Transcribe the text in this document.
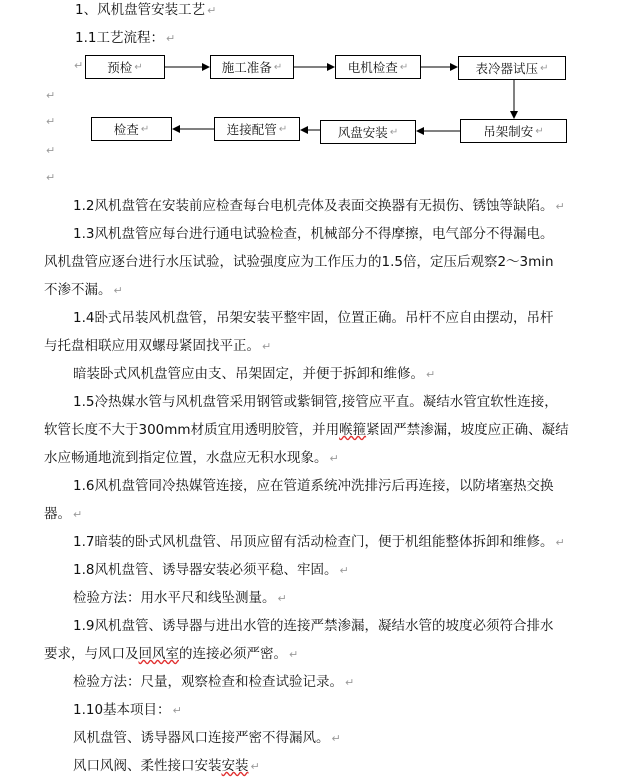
1、风机盘管安装工艺 ↵
1.1工艺流程： ↵
↵ 预检 ↵	施工准备 ↵	电机检查 ↵	表冷器试压 ↵
吊架制安 ↵
风盘安装 ↵
连接配管 ↵
检查 ↵
↵
↵
↵
↵
1.2风机盘管在安装前应检查每台电机壳体及表面交换器有无损伤、锈蚀等缺陷。 ↵
1.3风机盘管应每台进行通电试验检查，机械部分不得摩擦，电气部分不得漏电。
风机盘管应逐台进行水压试验，试验强度应为工作压力的1.5倍，定压后观察2～3min
不渗不漏。 ↵
1.4卧式吊装风机盘管，吊架安装平整牢固，位置正确。吊杆不应自由摆动，吊杆
与托盘相联应用双螺母紧固找平正。 ↵
暗装卧式风机盘管应由支、吊架固定，并便于拆卸和维修。 ↵
1.5冷热媒水管与风机盘管采用钢管或紫铜管,接管应平直。凝结水管宜软性连接，
软管长度不大于300mm材质宜用透明胶管，并用喉箍紧固严禁渗漏，坡度应正确、凝结
水应畅通地流到指定位置，水盘应无积水现象。 ↵
1.6风机盘管同冷热媒管连接，应在管道系统冲洗排污后再连接，以防堵塞热交换
器。 ↵
1.7暗装的卧式风机盘管、吊顶应留有活动检查门，便于机组能整体拆卸和维修。 ↵
1.8风机盘管、诱导器安装必须平稳、牢固。 ↵
检验方法：用水平尺和线坠测量。 ↵
1.9风机盘管、诱导器与进出水管的连接严禁渗漏，凝结水管的坡度必须符合排水
要求，与风口及回风室的连接必须严密。 ↵
检验方法：尺量，观察检查和检查试验记录。 ↵
1.10基本项目： ↵
风机盘管、诱导器风口连接严密不得漏风。 ↵
风口风阀、柔性接口安装安装 ↵
